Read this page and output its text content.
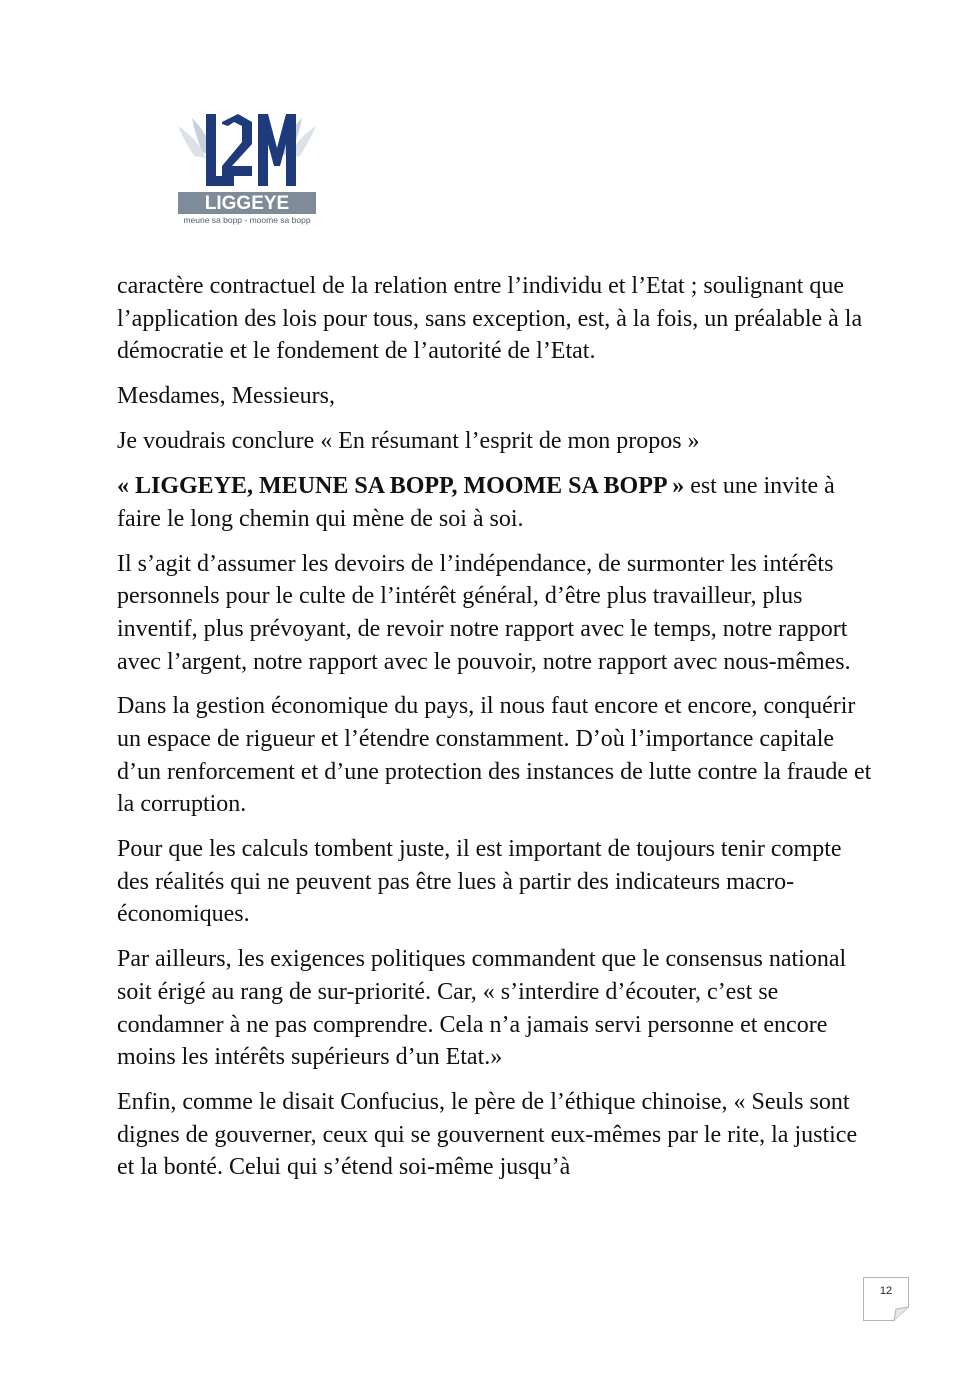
LIGGEYE
meune sa bopp - moome sa bopp

caractère contractuel de la relation entre l’individu et l’Etat ; soulignant que l’application des lois pour tous, sans exception, est, à la fois, un préalable à la démocratie et le fondement de l’autorité de l’Etat.

Mesdames, Messieurs,

Je voudrais conclure « En résumant l’esprit de mon propos »

« LIGGEYE, MEUNE SA BOPP, MOOME SA BOPP » est une invite à faire le long chemin qui mène de soi à soi.

Il s’agit d’assumer les devoirs de l’indépendance, de surmonter les intérêts personnels pour le culte de l’intérêt général, d’être plus travailleur, plus inventif, plus prévoyant, de revoir notre rapport avec le temps, notre rapport avec l’argent, notre rapport avec le pouvoir, notre rapport avec nous-mêmes.

Dans la gestion économique du pays, il nous faut encore et encore, conquérir un espace de rigueur et l’étendre constamment. D’où l’importance capitale d’un renforcement et d’une protection des instances de lutte contre la fraude et la corruption.

Pour que les calculs tombent juste, il est important de toujours tenir compte des réalités qui ne peuvent pas être lues à partir des indicateurs macro-économiques.

Par ailleurs, les exigences politiques commandent que le consensus national soit érigé au rang de sur-priorité. Car, « s’interdire d’écouter, c’est se condamner à ne pas comprendre. Cela n’a jamais servi personne et encore moins les intérêts supérieurs d’un Etat.»

Enfin, comme le disait Confucius, le père de l’éthique chinoise, « Seuls sont dignes de gouverner, ceux qui se gouvernent eux-mêmes par le rite, la justice et la bonté. Celui qui s’étend soi-même jusqu’à

12
